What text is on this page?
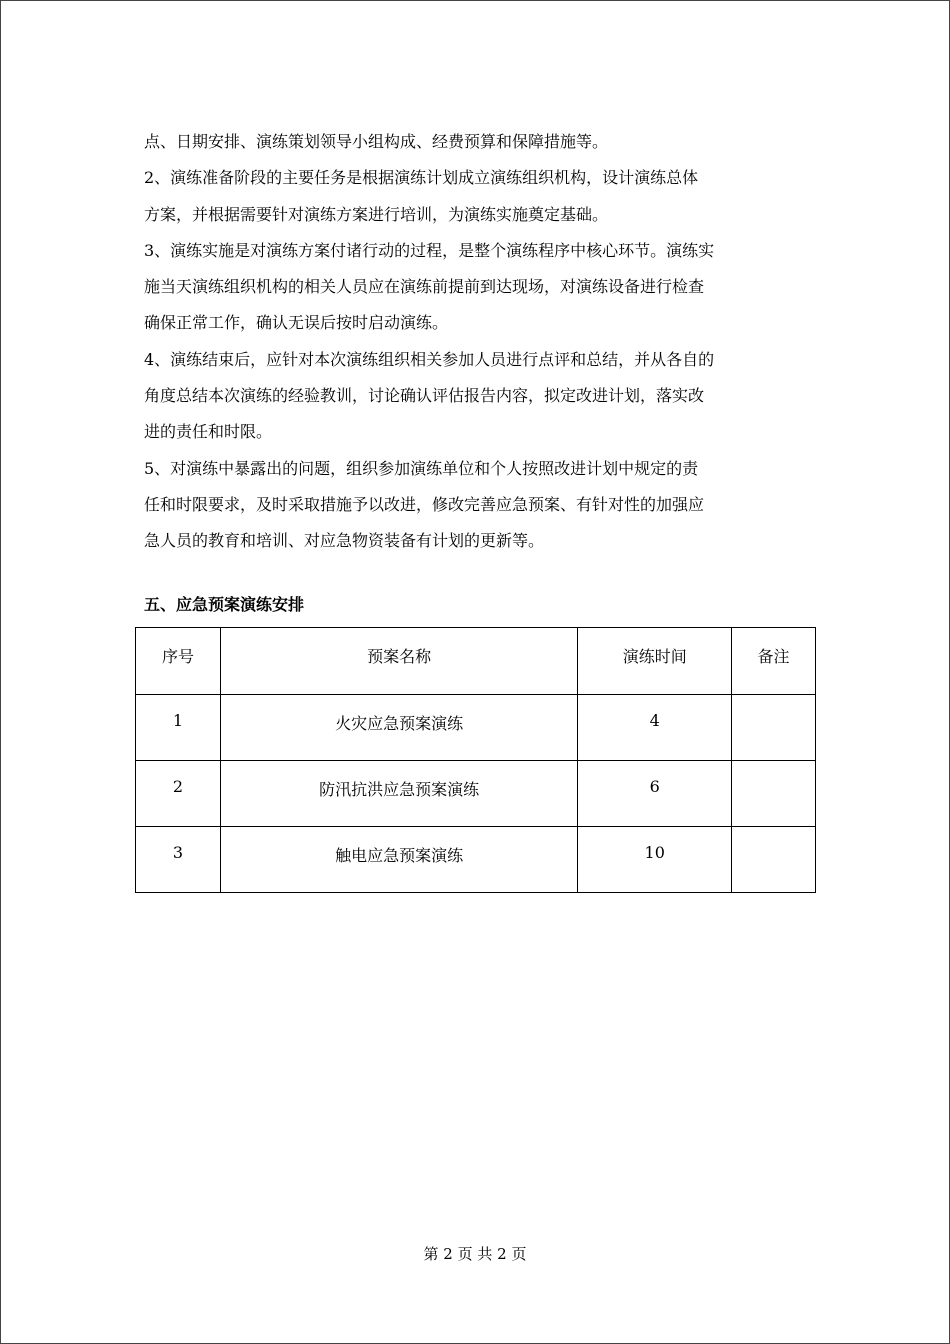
点、日期安排、演练策划领导小组构成、经费预算和保障措施等。

2、演练准备阶段的主要任务是根据演练计划成立演练组织机构，设计演练总体
方案，并根据需要针对演练方案进行培训，为演练实施奠定基础。

3、演练实施是对演练方案付诸行动的过程，是整个演练程序中核心环节。演练实
施当天演练组织机构的相关人员应在演练前提前到达现场，对演练设备进行检查
确保正常工作，确认无误后按时启动演练。

4、演练结束后，应针对本次演练组织相关参加人员进行点评和总结，并从各自的
角度总结本次演练的经验教训，讨论确认评估报告内容，拟定改进计划，落实改
进的责任和时限。

5、对演练中暴露出的问题，组织参加演练单位和个人按照改进计划中规定的责
任和时限要求，及时采取措施予以改进，修改完善应急预案、有针对性的加强应
急人员的教育和培训、对应急物资装备有计划的更新等。

五、应急预案演练安排
序号	预案名称	演练时间	备注
1	火灾应急预案演练	4	
2	防汛抗洪应急预案演练	6	
3	触电应急预案演练	10	
第 2 页 共 2 页
